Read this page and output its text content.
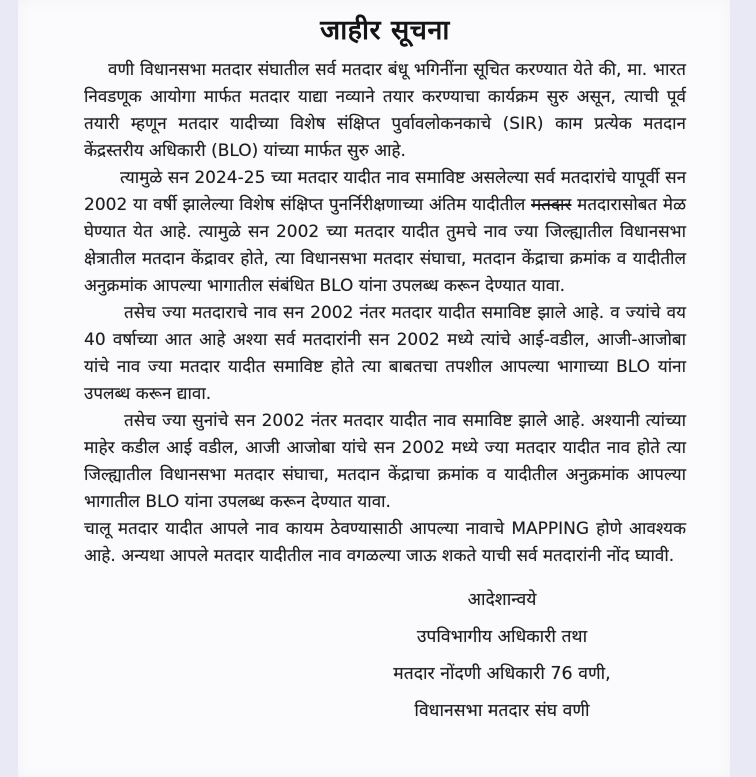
जाहीर सूचना

वणी विधानसभा मतदार संघातील सर्व मतदार बंधू भगिनींना सूचित करण्यात येते की, मा. भारत निवडणूक आयोगा मार्फत मतदार याद्या नव्याने तयार करण्याचा कार्यक्रम सुरु असून, त्याची पूर्व तयारी म्हणून मतदार यादीच्या विशेष संक्षिप्त पुर्वावलोकनकाचे (SIR) काम प्रत्येक मतदान केंद्रस्तरीय अधिकारी (BLO) यांच्या मार्फत सुरु आहे.

त्यामुळे सन 2024-25 च्या मतदार यादीत नाव समाविष्ट असलेल्या सर्व मतदारांचे यापूर्वी सन 2002 या वर्षी झालेल्या विशेष संक्षिप्त पुनर्निरीक्षणाच्या अंतिम यादीतील मतदार मतदारासोबत मेळ घेण्यात येत आहे. त्यामुळे सन 2002 च्या मतदार यादीत तुमचे नाव ज्या जिल्ह्यातील विधानसभा क्षेत्रातील मतदान केंद्रावर होते, त्या विधानसभा मतदार संघाचा, मतदान केंद्राचा क्रमांक व यादीतील अनुक्रमांक आपल्या भागातील संबंधित BLO यांना उपलब्ध करून देण्यात यावा.

तसेच ज्या मतदाराचे नाव सन 2002 नंतर मतदार यादीत समाविष्ट झाले आहे. व ज्यांचे वय 40 वर्षाच्या आत आहे अश्या सर्व मतदारांनी सन 2002 मध्ये त्यांचे आई-वडील, आजी-आजोबा यांचे नाव ज्या मतदार यादीत समाविष्ट होते त्या बाबतचा तपशील आपल्या भागाच्या BLO यांना उपलब्ध करून द्यावा.

तसेच ज्या सुनांचे सन 2002 नंतर मतदार यादीत नाव समाविष्ट झाले आहे. अश्यानी त्यांच्या माहेर कडील आई वडील, आजी आजोबा यांचे सन 2002 मध्ये ज्या मतदार यादीत नाव होते त्या जिल्ह्यातील विधानसभा मतदार संघाचा, मतदान केंद्राचा क्रमांक व यादीतील अनुक्रमांक आपल्या भागातील BLO यांना उपलब्ध करून देण्यात यावा.

चालू मतदार यादीत आपले नाव कायम ठेवण्यासाठी आपल्या नावाचे MAPPING होणे आवश्यक आहे. अन्यथा आपले मतदार यादीतील नाव वगळल्या जाऊ शकते याची सर्व मतदारांनी नोंद घ्यावी.

आदेशान्वये
उपविभागीय अधिकारी तथा
मतदार नोंदणी अधिकारी 76 वणी,
विधानसभा मतदार संघ वणी
